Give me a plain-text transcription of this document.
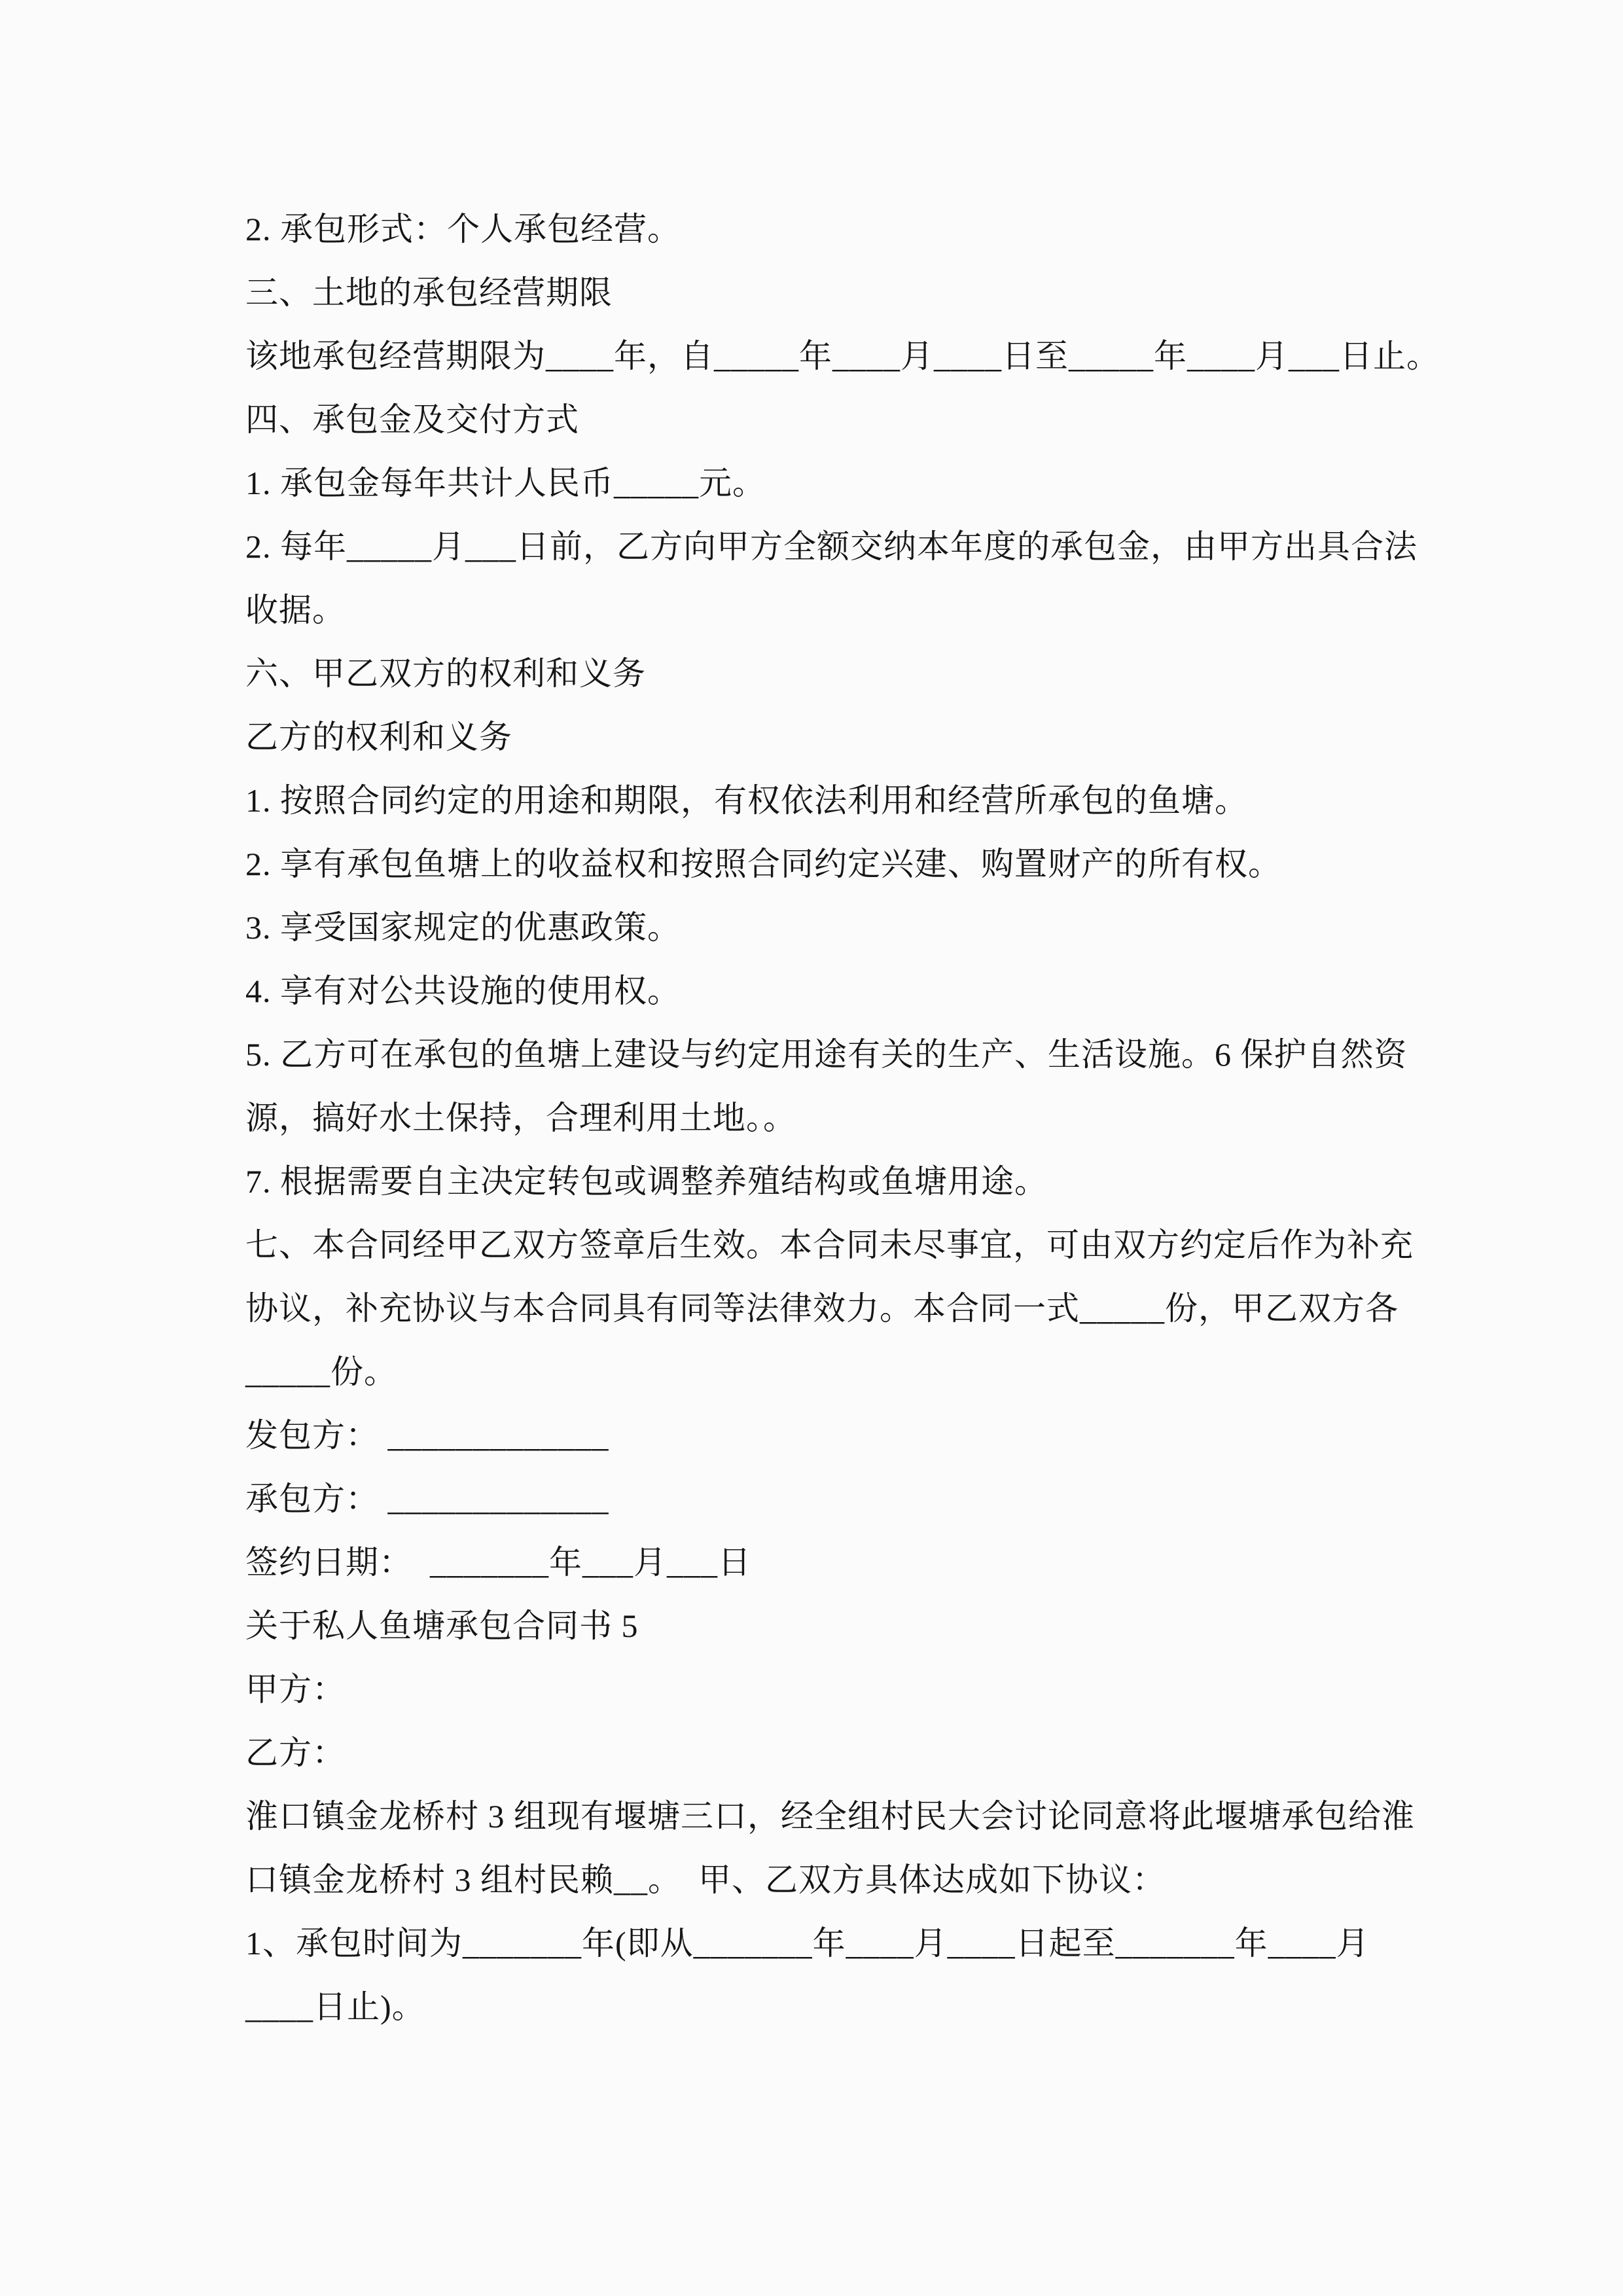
2. 承包形式：个人承包经营。
三、土地的承包经营期限
该地承包经营期限为____年，自_____年____月____日至_____年____月___日止。
四、承包金及交付方式
1. 承包金每年共计人民币_____元。
2. 每年_____月___日前，乙方向甲方全额交纳本年度的承包金，由甲方出具合法
收据。
六、甲乙双方的权利和义务
乙方的权利和义务
1. 按照合同约定的用途和期限，有权依法利用和经营所承包的鱼塘。
2. 享有承包鱼塘上的收益权和按照合同约定兴建、购置财产的所有权。
3. 享受国家规定的优惠政策。
4. 享有对公共设施的使用权。
5. 乙方可在承包的鱼塘上建设与约定用途有关的生产、生活设施。6 保护自然资
源，搞好水土保持，合理利用土地。。
7. 根据需要自主决定转包或调整养殖结构或鱼塘用途。
七、本合同经甲乙双方签章后生效。本合同未尽事宜，可由双方约定后作为补充
协议，补充协议与本合同具有同等法律效力。本合同一式_____份，甲乙双方各
_____份。
发包方： _____________
承包方： _____________
签约日期：  _______年___月___日
关于私人鱼塘承包合同书 5
甲方：
乙方：
淮口镇金龙桥村 3 组现有堰塘三口，经全组村民大会讨论同意将此堰塘承包给淮
口镇金龙桥村 3 组村民赖__。　甲、乙双方具体达成如下协议：
1、承包时间为_______年(即从_______年____月____日起至_______年____月
____日止)。
